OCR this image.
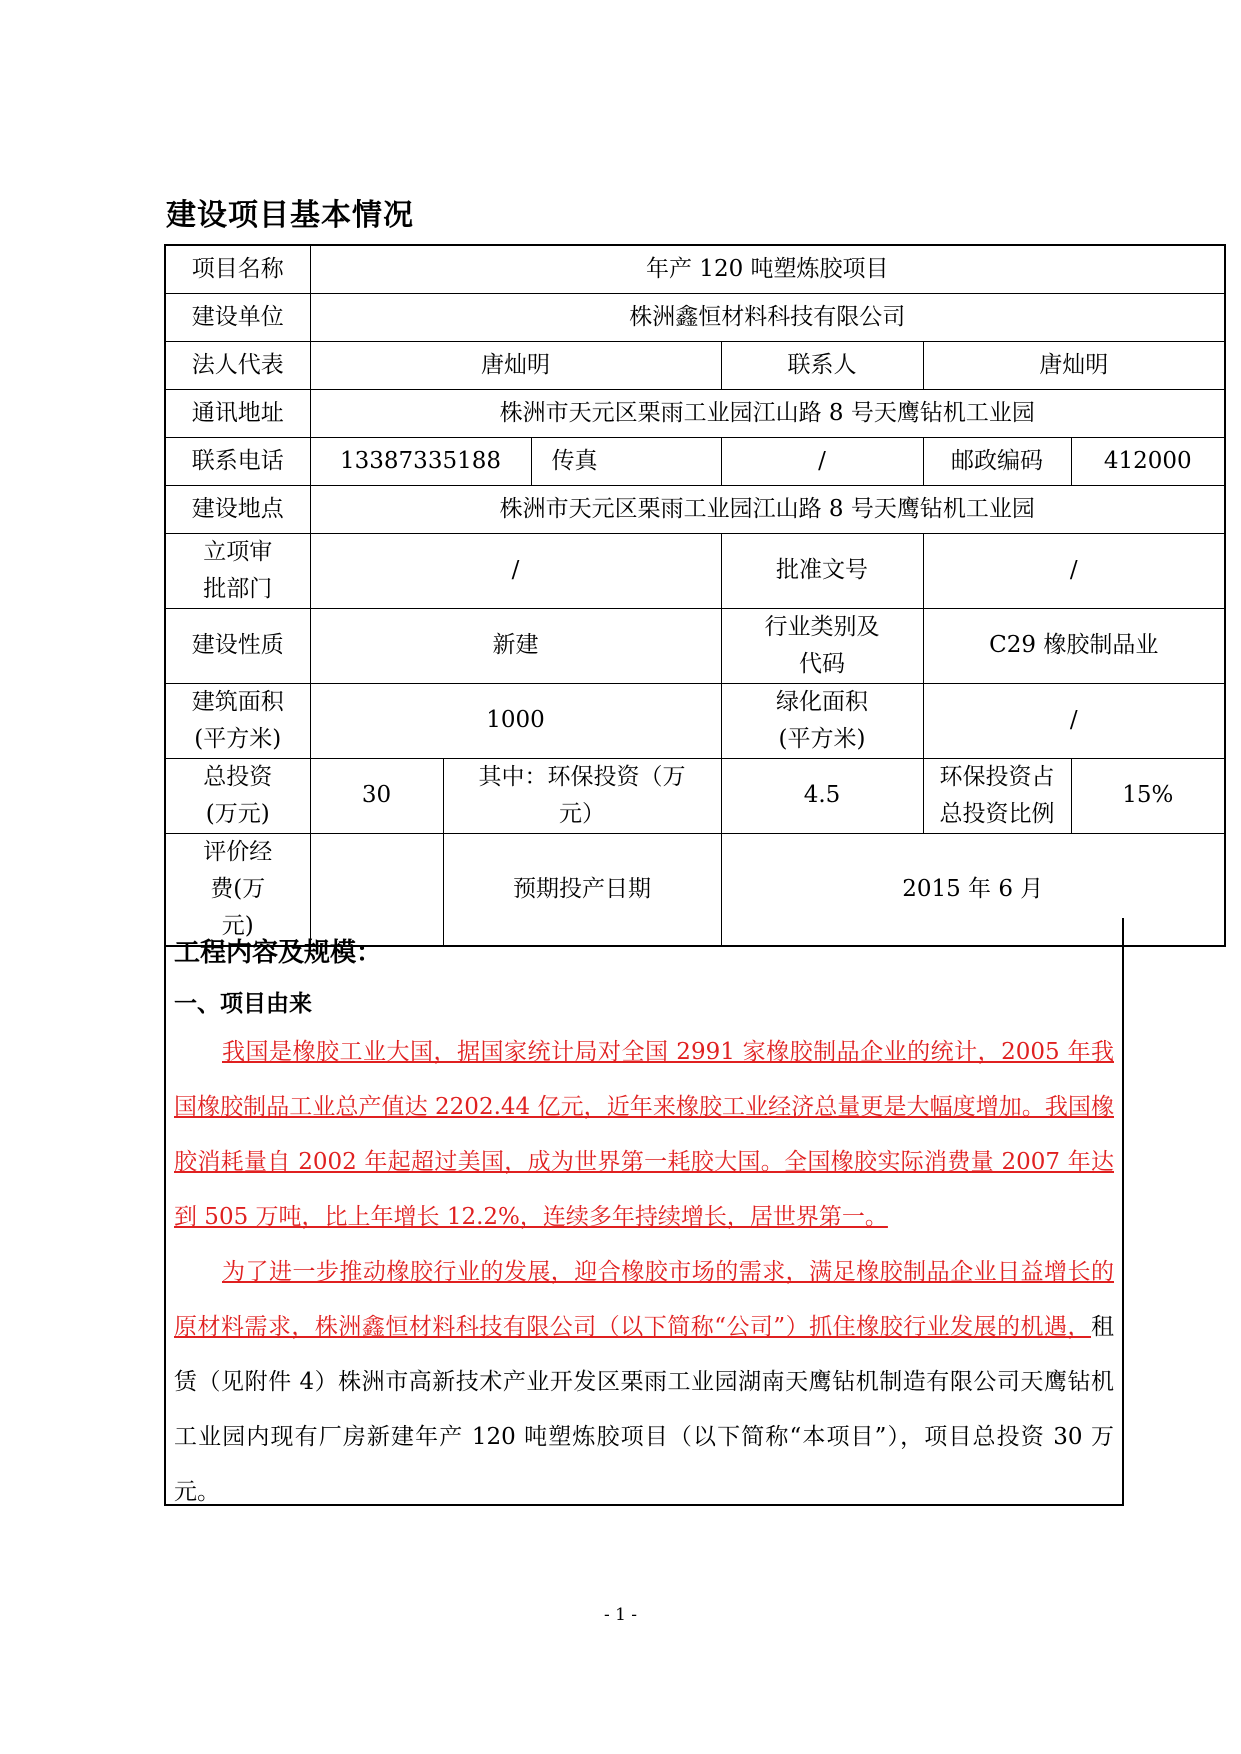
建设项目基本情况
项目名称	年产 120 吨塑炼胶项目					
建设单位	株洲鑫恒材料科技有限公司					
法人代表	唐灿明			联系人	唐灿明	
通讯地址	株洲市天元区栗雨工业园江山路 8 号天鹰钻机工业园					
联系电话	13387335188		传真	/	邮政编码	412000
建设地点	株洲市天元区栗雨工业园江山路 8 号天鹰钻机工业园					
立项审批部门	/			批准文号	/	
建设性质	新建			行业类别及代码	C29 橡胶制品业	
建筑面积(平方米)	1000			绿化面积(平方米)	/	
总投资(万元)	30	其中：环保投资（万元）		4.5	环保投资占总投资比例	15%
评价经费(万元)		预期投产日期		2015 年 6 月		
工程内容及规模：
一、项目由来
我国是橡胶工业大国，据国家统计局对全国 2991 家橡胶制品企业的统计，2005 年我国橡胶制品工业总产值达 2202.44 亿元，近年来橡胶工业经济总量更是大幅度增加。我国橡胶消耗量自 2002 年起超过美国，成为世界第一耗胶大国。全国橡胶实际消费量 2007 年达到 505 万吨，比上年增长 12.2%，连续多年持续增长，居世界第一。
为了进一步推动橡胶行业的发展，迎合橡胶市场的需求，满足橡胶制品企业日益增长的原材料需求，株洲鑫恒材料科技有限公司（以下简称“公司”）抓住橡胶行业发展的机遇，租赁（见附件 4）株洲市高新技术产业开发区栗雨工业园湖南天鹰钻机制造有限公司天鹰钻机工业园内现有厂房新建年产 120 吨塑炼胶项目（以下简称“本项目”），项目总投资 30 万元。
- 1 -
